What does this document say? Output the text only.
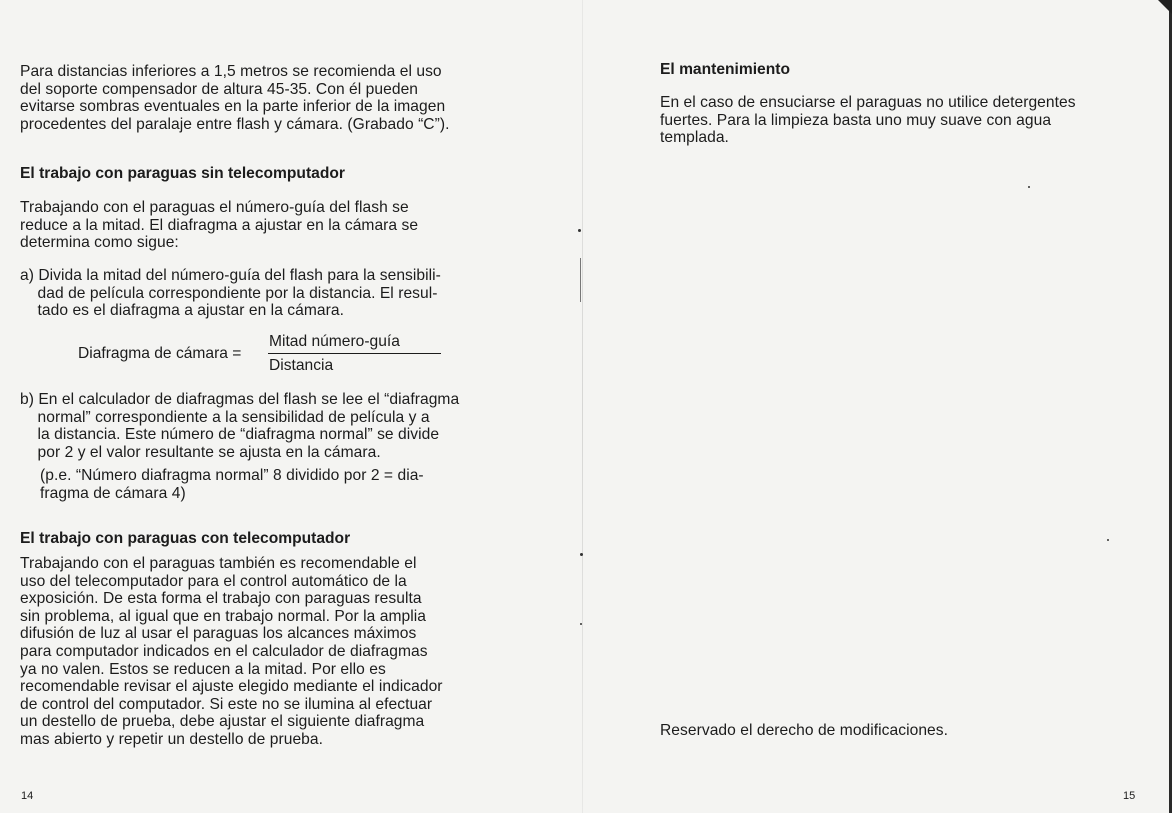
Para distancias inferiores a 1,5 metros se recomienda el uso
del soporte compensador de altura 45-35. Con él pueden
evitarse sombras eventuales en la parte inferior de la imagen
procedentes del paralaje entre flash y cámara. (Grabado “C”).
El trabajo con paraguas sin telecomputador
Trabajando con el paraguas el número-guía del flash se
reduce a la mitad. El diafragma a ajustar en la cámara se
determina como sigue:
a) Divida la mitad del número-guía del flash para la sensibili-
dad de película correspondiente por la distancia. El resul-
tado es el diafragma a ajustar en la cámara.
Diafragma de cámara =
Mitad número-guía
Distancia
b) En el calculador de diafragmas del flash se lee el “diafragma
normal” correspondiente a la sensibilidad de película y a
la distancia. Este número de “diafragma normal” se divide
por 2 y el valor resultante se ajusta en la cámara.
(p.e. “Número diafragma normal” 8 dividido por 2 = dia-
fragma de cámara 4)
El trabajo con paraguas con telecomputador
Trabajando con el paraguas también es recomendable el
uso del telecomputador para el control automático de la
exposición. De esta forma el trabajo con paraguas resulta
sin problema, al igual que en trabajo normal. Por la amplia
difusión de luz al usar el paraguas los alcances máximos
para computador indicados en el calculador de diafragmas
ya no valen. Estos se reducen a la mitad. Por ello es
recomendable revisar el ajuste elegido mediante el indicador
de control del computador. Si este no se ilumina al efectuar
un destello de prueba, debe ajustar el siguiente diafragma
mas abierto y repetir un destello de prueba.
14
El mantenimiento
En el caso de ensuciarse el paraguas no utilice detergentes
fuertes. Para la limpieza basta uno muy suave con agua
templada.
Reservado el derecho de modificaciones.
15
